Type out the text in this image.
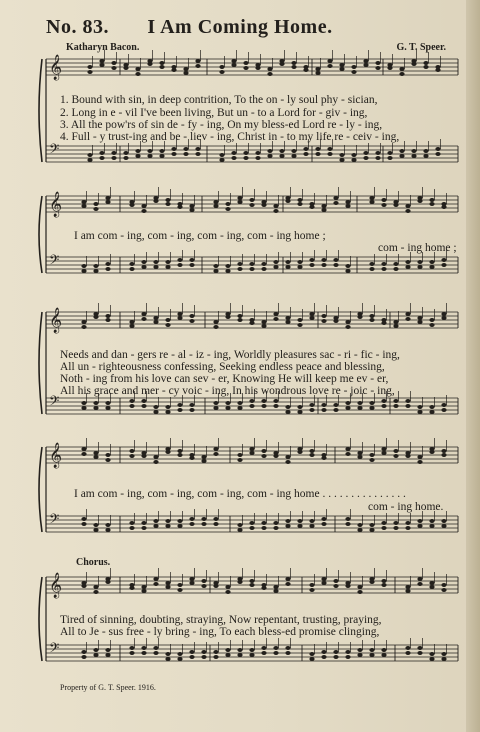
No. 83.	I Am Coming Home.
Katharyn Bacon.	G. T. Speer.
𝄞
𝄢
𝄞
𝄢
𝄞
𝄢
𝄞
𝄢
𝄞
𝄢
1. Bound with sin, in deep contrition, To the on - ly soul phy - sician,
2. Long in e - vil I've been living, But un - to a Lord for - giv - ing,
3. All the pow'rs of sin de - fy - ing, On my bless-ed Lord re - ly - ing,
4. Full - y trust-ing and be - liev - ing, Christ in - to my life re - ceiv - ing,
I am com - ing, com - ing, com - ing, com - ing home ;
com - ing home ;
Needs and dan - gers re - al - iz - ing, Worldly pleasures sac - ri - fic - ing,
All un - righteousness confessing, Seeking endless peace and blessing,
Noth - ing from his love can sev - er, Knowing He will keep me ev - er,
All his grace and mer - cy voic - ing, In his wondrous love re - joic - ing,
I am com - ing, com - ing, com - ing, com - ing home . . . . . . . . . . . . . . .
com - ing home.
Chorus.
Tired of sinning, doubting, straying, Now repentant, trusting, praying,
All to Je - sus free - ly bring - ing, To each bless-ed promise clinging,
Property of G. T. Speer. 1916.
